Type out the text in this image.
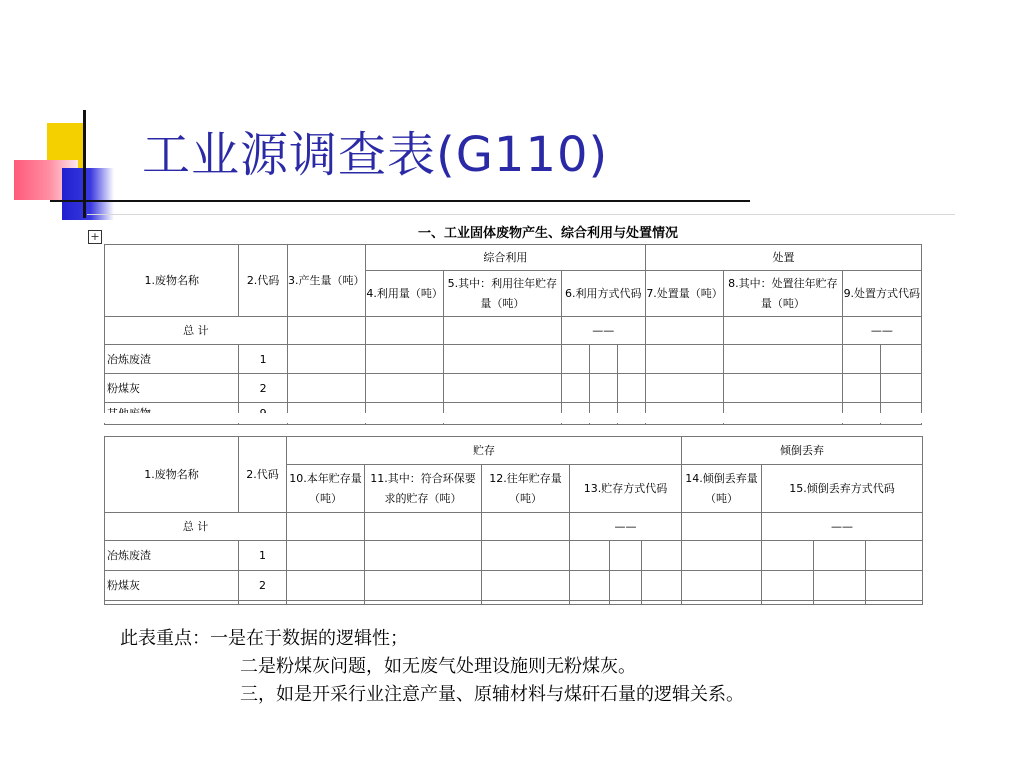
工业源调查表(G110)
+	一、工业固体废物产生、综合利用与处置情况
1.废物名称	2.代码	3.产生量（吨）	综合利用					处置			
			4.利用量（吨）	5.其中：利用往年贮存量（吨）	6.利用方式代码			7.处置量（吨）	8.其中：处置往年贮存量（吨）	9.处置方式代码	
总 计					——					——	
冶炼废渣	1										
粉煤灰	2										

1.废物名称	2.代码	贮存						倾倒丢弃			
		10.本年贮存量（吨）	11.其中：符合环保要求的贮存（吨）	12.往年贮存量（吨）	13.贮存方式代码			14.倾倒丢弃量（吨）	15.倾倒丢弃方式代码		
总 计					——				——		
冶炼废渣	1										
粉煤灰	2										

此表重点：一是在于数据的逻辑性；
二是粉煤灰问题，如无废气处理设施则无粉煤灰。
三，如是开采行业注意产量、原辅材料与煤矸石量的逻辑关系。
